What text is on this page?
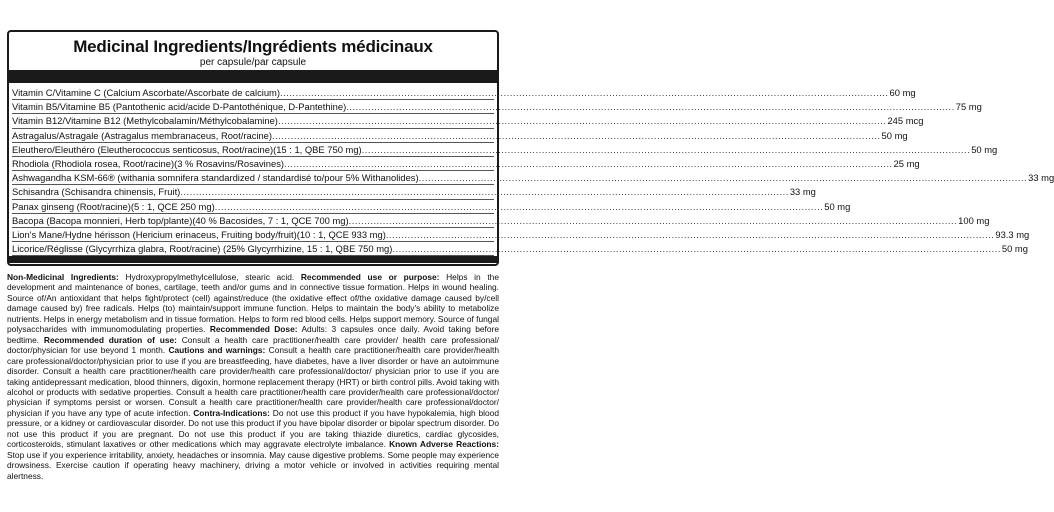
Medicinal Ingredients/Ingrédients médicinaux
per capsule/par capsule
Vitamin C/Vitamine C (Calcium Ascorbate/Ascorbate de calcium) .....	60 mg
Vitamin B5/Vitamine B5 (Pantothenic acid/acide D-Pantothénique, D-Pantethine) .....	75 mg
Vitamin B12/Vitamine B12 (Methylcobalamin/Méthylcobalamine) .....	245 mcg
Astragalus/Astragale (Astragalus membranaceus, Root/racine) .....	50 mg
Eleuthero/Eleuthéro (Eleutherococcus senticosus, Root/racine)(15 : 1, QBE 750 mg) .....	50 mg
Rhodiola (Rhodiola rosea, Root/racine)(3 % Rosavins/Rosavines) .....	25 mg
Ashwagandha KSM-66® (withania somnifera standardized / standardisé to/pour 5% Withanolides) .....	33 mg
Schisandra (Schisandra chinensis, Fruit) .....	33 mg
Panax ginseng (Root/racine)(5 : 1, QCE 250 mg) .....	50 mg
Bacopa (Bacopa monnieri, Herb top/plante)(40 % Bacosides, 7 : 1, QCE 700 mg) .....	100 mg
Lion's Mane/Hydne hérisson (Hericium erinaceus, Fruiting body/fruit)(10 : 1, QCE 933 mg) .....	93.3 mg
Licorice/Réglisse (Glycyrrhiza glabra, Root/racine) (25% Glycyrrhizine, 15 : 1, QBE 750 mg) .....	50 mg
Non-Medicinal Ingredients: Hydroxypropylmethylcellulose, stearic acid. Recommended use or purpose: Helps in the development and maintenance of bones, cartilage, teeth and/or gums and in connective tissue formation. Helps in wound healing. Source of/An antioxidant that helps fight/protect (cell) against/reduce (the oxidative effect of/the oxidative damage caused by/cell damage caused by) free radicals. Helps (to) maintain/support immune function. Helps to maintain the body's ability to metabolize nutrients. Helps in energy metabolism and in tissue formation. Helps to form red blood cells. Helps support memory. Source of fungal polysaccharides with immunomodulating properties. Recommended Dose: Adults: 3 capsules once daily. Avoid taking before bedtime. Recommended duration of use: Consult a health care practitioner/health care provider/ health care professional/ doctor/physician for use beyond 1 month. Cautions and warnings: Consult a health care practitioner/health care provider/health care professional/doctor/physician prior to use if you are breastfeeding, have diabetes, have a liver disorder or have an autoimmune disorder. Consult a health care practitioner/health care provider/health care professional/doctor/ physician prior to use if you are taking antidepressant medication, blood thinners, digoxin, hormone replacement therapy (HRT) or birth control pills. Avoid taking with alcohol or products with sedative properties. Consult a health care practitioner/health care provider/health care professional/doctor/ physician if symptoms persist or worsen. Consult a health care practitioner/health care provider/health care professional/doctor/ physician if you have any type of acute infection. Contra-Indications: Do not use this product if you have hypokalemia, high blood pressure, or a kidney or cardiovascular disorder. Do not use this product if you have bipolar disorder or bipolar spectrum disorder. Do not use this product if you are pregnant. Do not use this product if you are taking thiazide diuretics, cardiac glycosides, corticosteroids, stimulant laxatives or other medications which may aggravate electrolyte imbalance. Known Adverse Reactions: Stop use if you experience irritability, anxiety, headaches or insomnia. May cause digestive problems. Some people may experience drowsiness. Exercise caution if operating heavy machinery, driving a motor vehicle or involved in activities requiring mental alertness.
